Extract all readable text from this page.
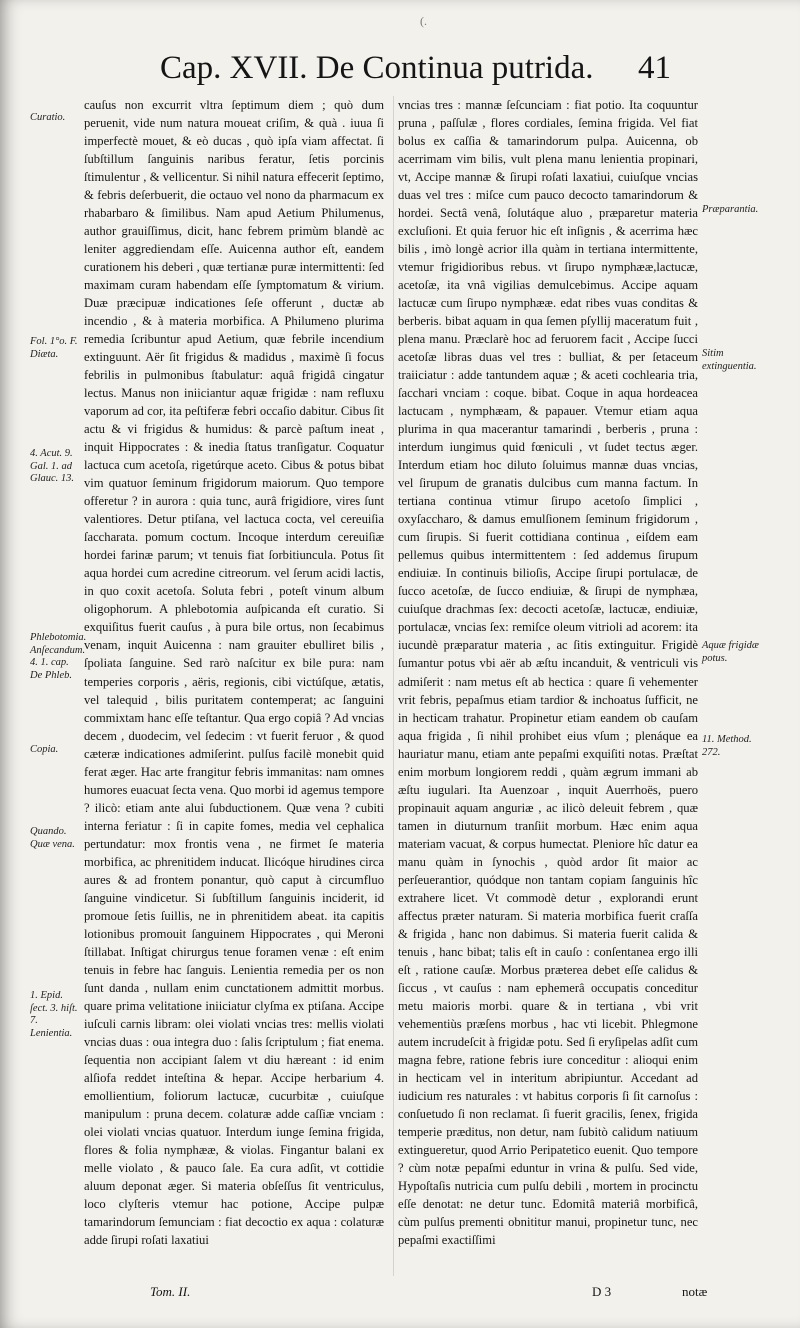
(.
Cap. XVII. De Continua putrida. 41
Curatio.
Fol. 1°o. F. Diæta.
4. Acut. 9. Gal. 1. ad Glauc. 13.
Phlebotomia. Anſecandum. 4. 1. cap. De Phleb.
Copia.
Quando. Quæ vena.
1. Epid. ſect. 3. hiſt. 7. Lenientia.
Præparantia.
Sitim extinguentia.
Aquæ frigidæ potus.
11. Method. 272.

cauſus non excurrit vltra ſeptimum diem ; quò dum peruenit, vide num natura moueat criſim, & quà . iuua ſi imperfectè mouet, & eò ducas , quò ipſa viam affectat. ſi ſubſtillum ſanguinis naribus feratur, ſetis porcinis ſtimulentur , & vellicentur. Si nihil natura effecerit ſeptimo, & febris deſerbuerit, die octauo vel nono da pharmacum ex rhabarbaro & ſimilibus. Nam apud Aetium Philumenus, author grauiſſimus, dicit, hanc febrem primùm blandè ac leniter aggrediendam eſſe. Auicenna author eſt, eandem curationem his deberi , quæ tertianæ puræ intermittenti: ſed maximam curam habendam eſſe ſymptomatum & virium. Duæ præcipuæ indicationes ſeſe offerunt , ductæ ab incendio , & à materia morbifica. A Philumeno plurima remedia ſcribuntur apud Aetium, quæ febrile incendium extinguunt. Aër ſit frigidus & madidus , maximè ſi focus febrilis in pulmonibus ſtabulatur: aquâ frigidâ cingatur lectus. Manus non iniiciantur aquæ frigidæ : nam refluxu vaporum ad cor, ita peſtiferæ febri occaſio dabitur. Cibus ſit actu & vi frigidus & humidus: & parcè paſtum ineat , inquit Hippocrates : & inedia ſtatus tranſigatur. Coquatur lactuca cum acetoſa, rigetúrque aceto. Cibus & potus bibat vim quatuor ſeminum frigidorum maiorum. Quo tempore offeretur ? in aurora : quia tunc, aurâ frigidiore, vires ſunt valentiores. Detur ptiſana, vel lactuca cocta, vel cereuiſia ſaccharata. pomum coctum. Incoque interdum cereuiſiæ hordei farinæ parum; vt tenuis fiat ſorbitiuncula. Potus ſit aqua hordei cum acredine citreorum. vel ſerum acidi lactis, in quo coxit acetoſa. Soluta febri , poteſt vinum album oligophorum. A phlebotomia auſpicanda eſt curatio. Si exquiſitus fuerit cauſus , à pura bile ortus, non ſecabimus venam, inquit Auicenna : nam grauiter ebulliret bilis , ſpoliata ſanguine. Sed rarò naſcitur ex bile pura: nam temperies corporis , aëris, regionis, cibi victúſque, ætatis, vel talequid , bilis puritatem contemperat; ac ſanguini commixtam hanc eſſe teſtantur. Qua ergo copiâ ? Ad vncias decem , duodecim, vel ſedecim : vt fuerit feruor , & quod cæteræ indicationes admiſerint. pulſus facilè monebit quid ferat æger. Hac arte frangitur febris immanitas: nam omnes humores euacuat ſecta vena. Quo morbi id agemus tempore ? ilicò: etiam ante alui ſubductionem. Quæ vena ? cubiti interna feriatur : ſi in capite fomes, media vel cephalica pertundatur: mox frontis vena , ne firmet ſe materia morbifica, ac phrenitidem inducat. Ilicóque hirudines circa aures & ad frontem ponantur, quò caput à circumfluo ſanguine vindicetur. Si ſubſtillum ſanguinis inciderit, id promoue ſetis ſuillis, ne in phrenitidem abeat. ita capitis lotionibus promouit ſanguinem Hippocrates , qui Meroni ſtillabat. Inſtigat chirurgus tenue foramen venæ : eſt enim tenuis in febre hac ſanguis. Lenientia remedia per os non ſunt danda , nullam enim cunctationem admittit morbus. quare prima velitatione iniiciatur clyſma ex ptiſana. Accipe iuſculi carnis libram: olei violati vncias tres: mellis violati vncias duas : oua integra duo : ſalis ſcriptulum ; fiat enema. ſequentia non accipiant ſalem vt diu hæreant : id enim alſiofa reddet inteſtina & hepar. Accipe herbarium 4. emollientium, foliorum lactucæ, cucurbitæ , cuiuſque manipulum : pruna decem. colaturæ adde caſſiæ vnciam : olei violati vncias quatuor. Interdum iunge ſemina frigida, flores & folia nymphææ, & violas. Fingantur balani ex melle violato , & pauco ſale. Ea cura adſit, vt cottidie aluum deponat æger. Si materia obſeſſus ſit ventriculus, loco clyſteris vtemur hac potione, Accipe pulpæ tamarindorum ſemunciam : fiat decoctio ex aqua : colaturæ adde ſirupi roſati laxatiui

vncias tres : mannæ ſeſcunciam : fiat potio. Ita coquuntur pruna , paſſulæ , flores cordiales, ſemina frigida. Vel fiat bolus ex caſſia & tamarindorum pulpa. Auicenna, ob acerrimam vim bilis, vult plena manu lenientia propinari, vt, Accipe mannæ & ſirupi roſati laxatiui, cuiuſque vncias duas vel tres : miſce cum pauco decocto tamarindorum & hordei. Sectâ venâ, ſolutáque aluo , præparetur materia excluſioni. Et quia feruor hic eſt inſignis , & acerrima hæc bilis , imò longè acrior illa quàm in tertiana intermittente, vtemur frigidioribus rebus. vt ſirupo nymphææ,lactucæ, acetoſæ, ita vnâ vigilias demulcebimus. Accipe aquam lactucæ cum ſirupo nymphææ. edat ribes vuas conditas & berberis. bibat aquam in qua ſemen pſyllij maceratum fuit , plena manu. Præclarè hoc ad feruorem facit , Accipe ſucci acetoſæ libras duas vel tres : bulliat, & per ſetaceum traiiciatur : adde tantundem aquæ ; & aceti cochlearia tria, ſacchari vnciam : coque. bibat. Coque in aqua hordeacea lactucam , nymphæam, & papauer. Vtemur etiam aqua plurima in qua macerantur tamarindi , berberis , pruna : interdum iungimus quid fœniculi , vt ſudet tectus æger. Interdum etiam hoc diluto ſoluimus mannæ duas vncias, vel ſirupum de granatis dulcibus cum manna factum. In tertiana continua vtimur ſirupo acetoſo ſimplici , oxyſaccharo, & damus emulſionem ſeminum frigidorum , cum ſirupis. Si fuerit cottidiana continua , eiſdem eam pellemus quibus intermittentem : ſed addemus ſirupum endiuiæ. In continuis bilioſis, Accipe ſirupi portulacæ, de ſucco acetoſæ, de ſucco endiuiæ, & ſirupi de nymphæa, cuiuſque drachmas ſex: decocti acetoſæ, lactucæ, endiuiæ, portulacæ, vncias ſex: remiſce oleum vitrioli ad acorem: ita iucundè præparatur materia , ac ſitis extinguitur. Frigidè ſumantur potus vbi aër ab æſtu incanduit, & ventriculi vis admiſerit : nam metus eſt ab hectica : quare ſi vehementer vrit febris, pepaſmus etiam tardior & inchoatus ſufficit, ne in hecticam trahatur. Propinetur etiam eandem ob cauſam aqua frigida , ſi nihil prohibet eius vſum ; plenáque ea hauriatur manu, etiam ante pepaſmi exquiſiti notas. Præſtat enim morbum longiorem reddi , quàm ægrum immani ab æſtu iugulari. Ita Auenzoar , inquit Auerrhoës, puero propinauit aquam anguriæ , ac ilicò deleuit febrem , quæ tamen in diuturnum tranſiit morbum. Hæc enim aqua materiam vacuat, & corpus humectat. Pleniore hîc datur ea manu quàm in ſynochis , quòd ardor ſit maior ac perſeuerantior, quódque non tantam copiam ſanguinis hîc extrahere licet. Vt commodè detur , explorandi erunt affectus præter naturam. Si materia morbifica fuerit craſſa & frigida , hanc non dabimus. Si materia fuerit calida & tenuis , hanc bibat; talis eſt in cauſo : conſentanea ergo illi eſt , ratione cauſæ. Morbus præterea debet eſſe calidus & ſiccus , vt cauſus : nam ephemerâ occupatis conceditur metu maioris morbi. quare & in tertiana , vbi vrit vehementiùs præſens morbus , hac vti licebit. Phlegmone autem incrudeſcit à frigidæ potu. Sed ſi eryſipelas adſit cum magna febre, ratione febris iure conceditur : alioqui enim in hecticam vel in interitum abripiuntur. Accedant ad iudicium res naturales : vt habitus corporis ſi ſit carnoſus : conſuetudo ſi non reclamat. ſi fuerit gracilis, ſenex, frigida temperie præditus, non detur, nam ſubitò calidum natiuum extingueretur, quod Arrio Peripatetico euenit. Quo tempore ? cùm notæ pepaſmi eduntur in vrina & pulſu. Sed vide, Hypoſtaſis nutricia cum pulſu debili , mortem in procinctu eſſe denotat: ne detur tunc. Edomitâ materiâ morbificâ, cùm pulſus prementi obnititur manui, propinetur tunc, nec pepaſmi exactiſſimi

Tom. II.	D 3	notæ
